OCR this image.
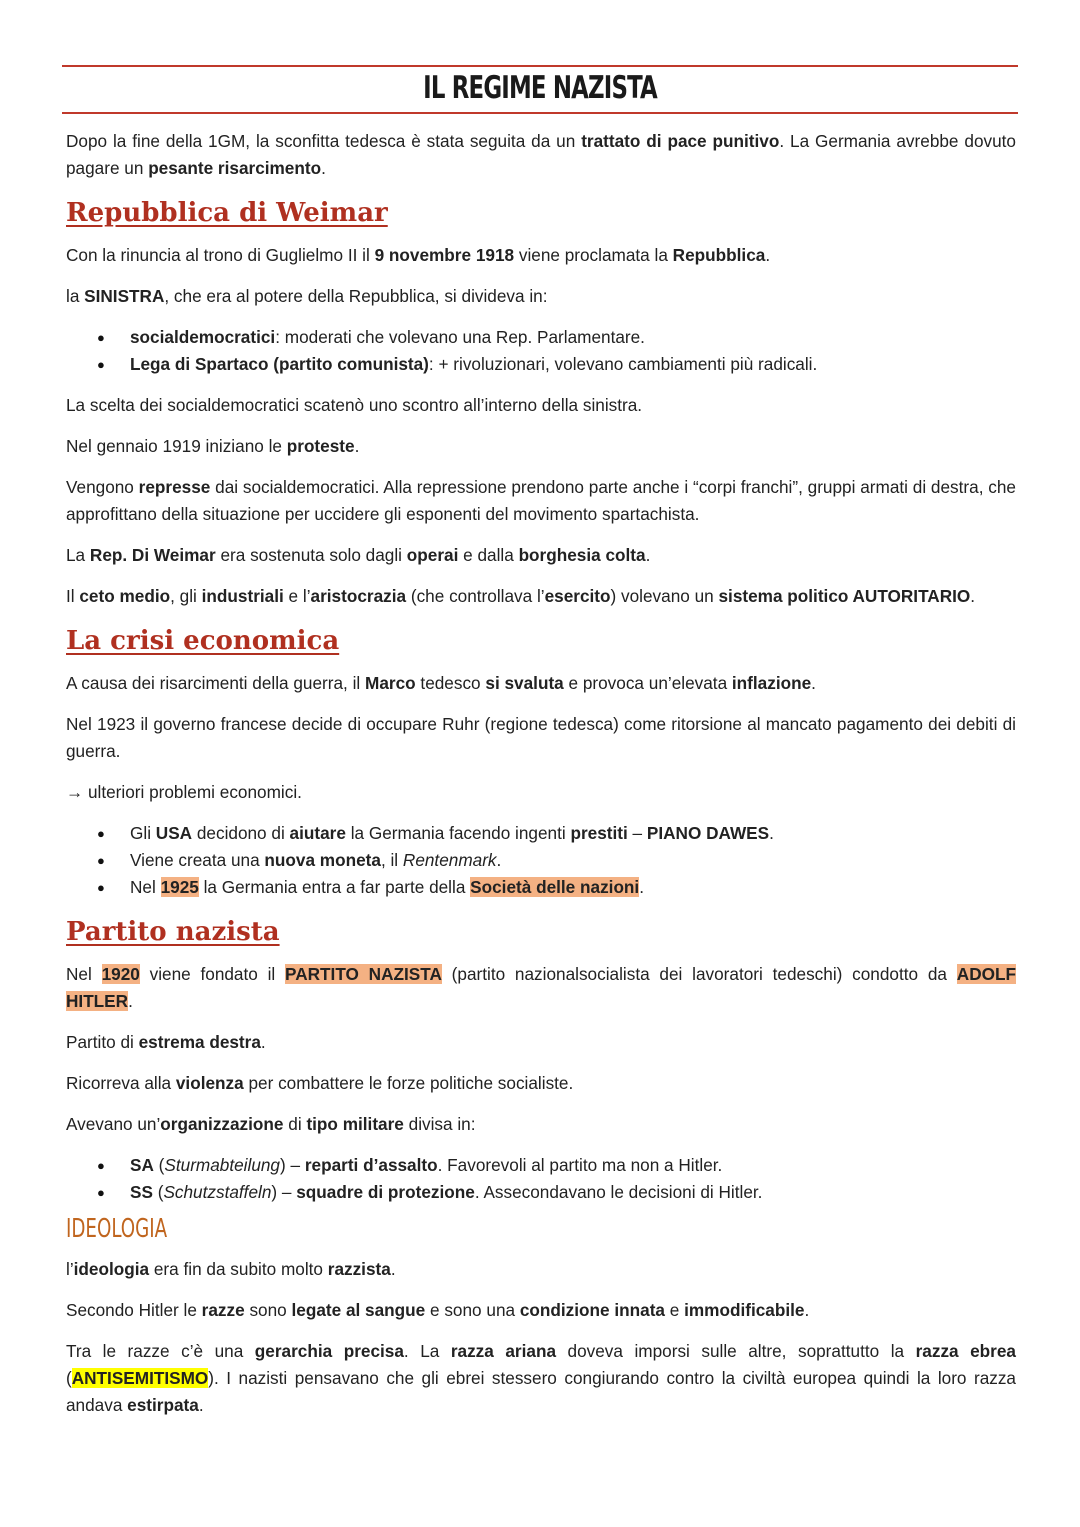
IL REGIME NAZISTA

Dopo la fine della 1GM, la sconfitta tedesca è stata seguita da un trattato di pace punitivo. La Germania avrebbe dovuto pagare un pesante risarcimento.

Repubblica di Weimar

Con la rinuncia al trono di Guglielmo II il 9 novembre 1918 viene proclamata la Repubblica.

la SINISTRA, che era al potere della Repubblica, si divideva in:

● socialdemocratici: moderati che volevano una Rep. Parlamentare.
● Lega di Spartaco (partito comunista): + rivoluzionari, volevano cambiamenti più radicali.

La scelta dei socialdemocratici scatenò uno scontro all’interno della sinistra.

Nel gennaio 1919 iniziano le proteste.

Vengono represse dai socialdemocratici. Alla repressione prendono parte anche i “corpi franchi”, gruppi armati di destra, che approfittano della situazione per uccidere gli esponenti del movimento spartachista.

La Rep. Di Weimar era sostenuta solo dagli operai e dalla borghesia colta.

Il ceto medio, gli industriali e l’aristocrazia (che controllava l’esercito) volevano un sistema politico AUTORITARIO.

La crisi economica

A causa dei risarcimenti della guerra, il Marco tedesco si svaluta e provoca un’elevata inflazione.

Nel 1923 il governo francese decide di occupare Ruhr (regione tedesca) come ritorsione al mancato pagamento dei debiti di guerra.

→ ulteriori problemi economici.

● Gli USA decidono di aiutare la Germania facendo ingenti prestiti – PIANO DAWES.
● Viene creata una nuova moneta, il Rentenmark.
● Nel 1925 la Germania entra a far parte della Società delle nazioni.
Partito nazista

Nel 1920 viene fondato il PARTITO NAZISTA (partito nazionalsocialista dei lavoratori tedeschi) condotto da ADOLF HITLER.

Partito di estrema destra.

Ricorreva alla violenza per combattere le forze politiche socialiste.

Avevano un’organizzazione di tipo militare divisa in:

● SA (Sturmabteilung) – reparti d’assalto. Favorevoli al partito ma non a Hitler.
● SS (Schutzstaffeln) – squadre di protezione. Assecondavano le decisioni di Hitler.
IDEOLOGIA

l’ideologia era fin da subito molto razzista.

Secondo Hitler le razze sono legate al sangue e sono una condizione innata e immodificabile.

Tra le razze c’è una gerarchia precisa. La razza ariana doveva imporsi sulle altre, soprattutto la razza ebrea (ANTISEMITISMO). I nazisti pensavano che gli ebrei stessero congiurando contro la civiltà europea quindi la loro razza andava estirpata.
